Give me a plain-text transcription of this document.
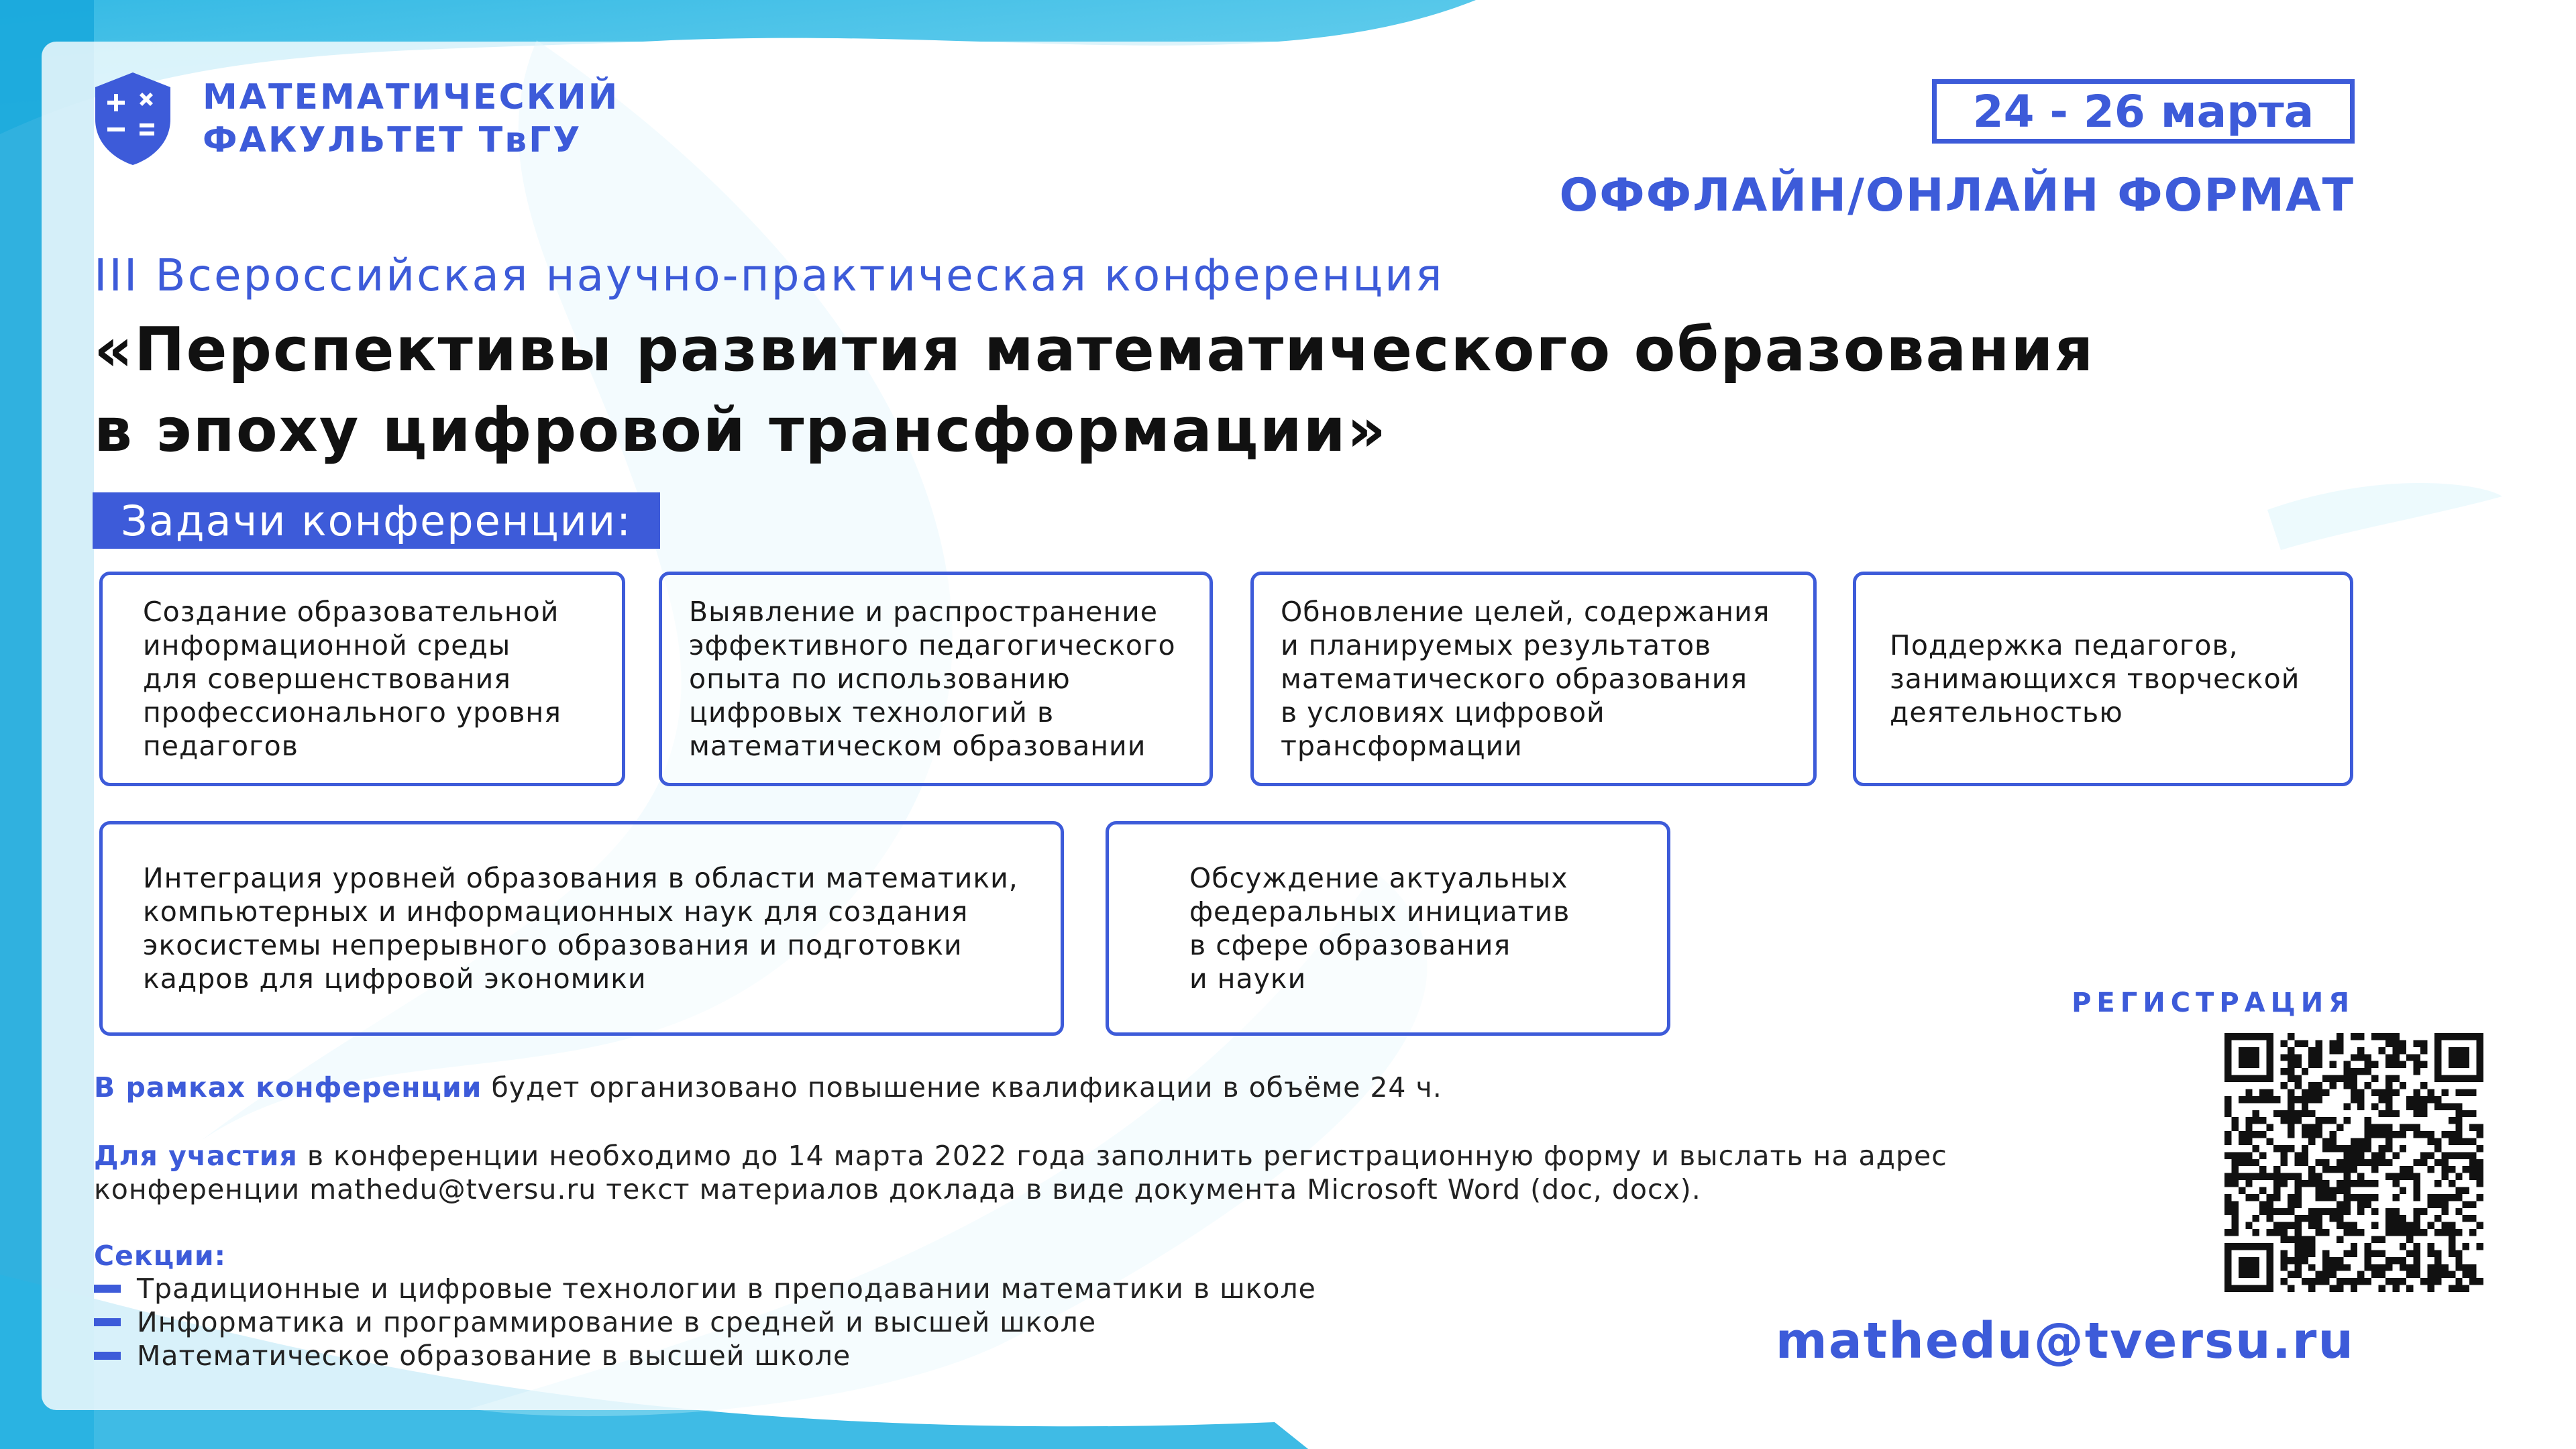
МАТЕМАТИЧЕСКИЙ
ФАКУЛЬТЕТ ТвГУ
24 - 26 марта
ОФФЛАЙН/ОНЛАЙН ФОРМАТ
III Всероссийская научно-практическая конференция
«Перспективы развития математического образования
в эпоху цифровой трансформации»
Задачи конференции:
Создание образовательной
информационной среды
для совершенствования
профессионального уровня
педагогов
Выявление и распространение
эффективного педагогического
опыта по использованию
цифровых технологий в
математическом образовании
Обновление целей, содержания
и планируемых результатов
математического образования
в условиях цифровой
трансформации
Поддержка педагогов,
занимающихся творческой
деятельностью
Интеграция уровней образования в области математики,
компьютерных и информационных наук для создания
экосистемы непрерывного образования и подготовки
кадров для цифровой экономики
Обсуждение актуальных
федеральных инициатив
в сфере образования
и науки

В рамках конференции будет организовано повышение квалификации в объёме 24 ч.

Для участия в конференции необходимо до 14 марта 2022 года заполнить регистрационную форму и выслать на адрес
конференции mathedu@tversu.ru текст материалов доклада в виде документа Microsoft Word (doc, docx).

Секции:
Традиционные и цифровые технологии в преподавании математики в школе
Информатика и программирование в средней и высшей школе
Математическое образование в высшей школе
РЕГИСТРАЦИЯ
mathedu@tversu.ru
